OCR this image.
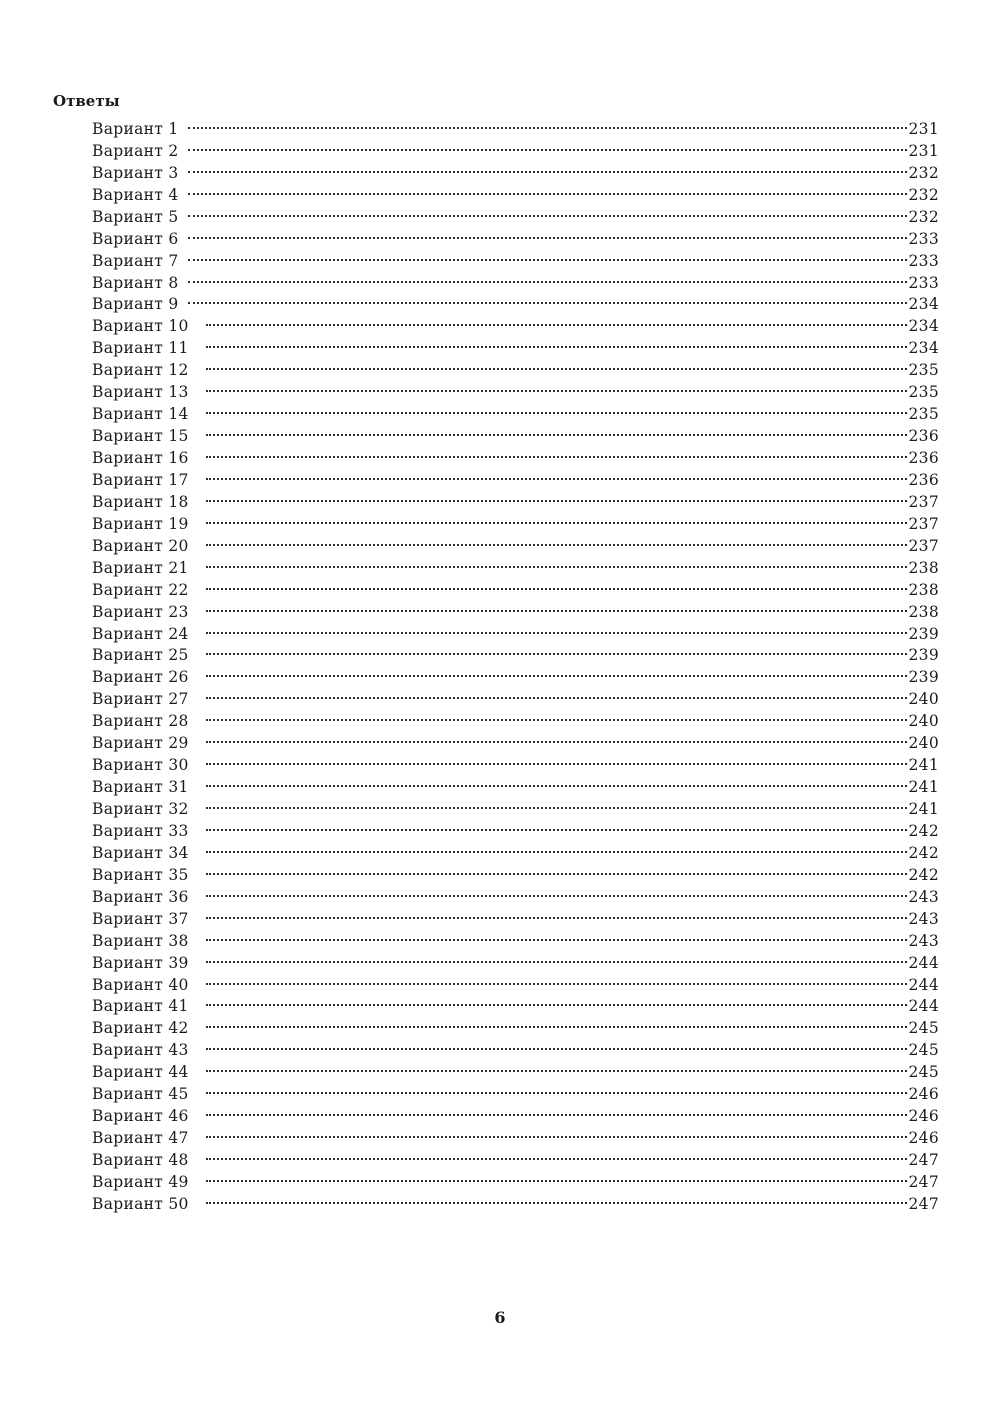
Ответы
Вариант 1	231
Вариант 2	231
Вариант 3	232
Вариант 4	232
Вариант 5	232
Вариант 6	233
Вариант 7	233
Вариант 8	233
Вариант 9	234
Вариант 10	234
Вариант 11	234
Вариант 12	235
Вариант 13	235
Вариант 14	235
Вариант 15	236
Вариант 16	236
Вариант 17	236
Вариант 18	237
Вариант 19	237
Вариант 20	237
Вариант 21	238
Вариант 22	238
Вариант 23	238
Вариант 24	239
Вариант 25	239
Вариант 26	239
Вариант 27	240
Вариант 28	240
Вариант 29	240
Вариант 30	241
Вариант 31	241
Вариант 32	241
Вариант 33	242
Вариант 34	242
Вариант 35	242
Вариант 36	243
Вариант 37	243
Вариант 38	243
Вариант 39	244
Вариант 40	244
Вариант 41	244
Вариант 42	245
Вариант 43	245
Вариант 44	245
Вариант 45	246
Вариант 46	246
Вариант 47	246
Вариант 48	247
Вариант 49	247
Вариант 50	247

6
